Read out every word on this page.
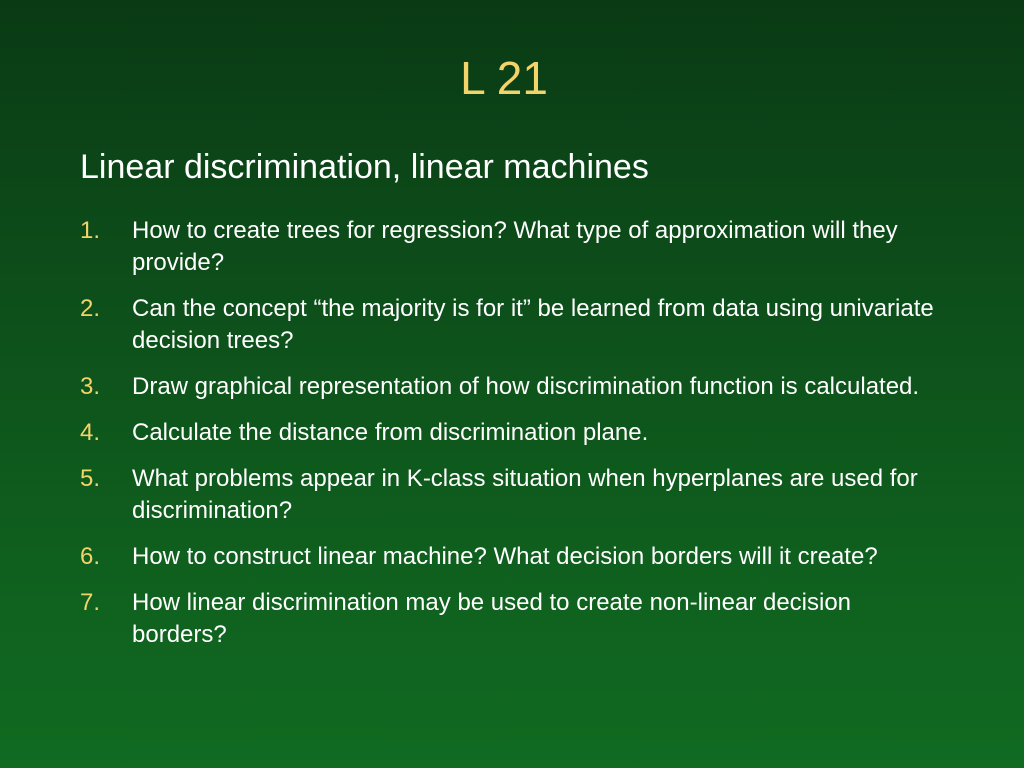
L 21
Linear discrimination, linear machines
1.	How to create trees for regression? What type of approximation will they provide?
2.	Can the concept “the majority is for it” be learned from data using univariate decision trees?
3.	Draw graphical representation of how discrimination function is calculated.
4.	Calculate the distance from discrimination plane.
5.	What problems appear in K-class situation when hyperplanes are used for discrimination?
6.	How to construct linear machine? What decision borders will it create?
7.	How linear discrimination may be used to create non-linear decision borders?
